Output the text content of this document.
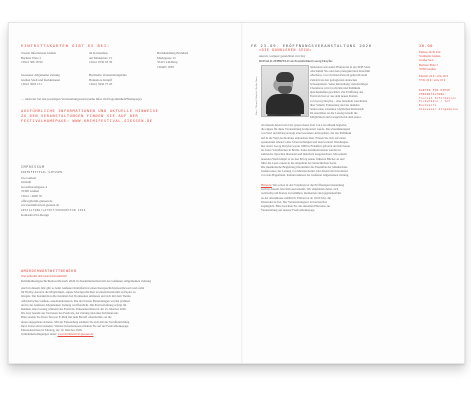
EINTRITTSKARTEN GIBT ES BEI:
Tourist Information Gießen
Berliner Platz 2
t 0641 306 18 90
tnt Kartenshop
am Marktplatz 13
t 0641 9730 93 50
Buchhandlung Bernhard
Marktgasse 15
35415 Lindburg
t 06405 1639
Giessener Allgemeine Zeitung
Gießen Stadt und Redaktionen
t 0641 3003 151
Buchzeile Veranstaltungsbüro
Hannelore Knöpff
t 0641 5930 75 20
… und/oder bei den jeweiligen Veranstaltungsorten (siehe Infos im Programmheft/Homepage).
AUSFÜHRLICHE INFORMATIONEN UND AKTUELLE HINWEISE
ZU DEN VERANSTALTUNGEN FINDEN SIE AUF DER
FESTIVALHOMEPAGE: WWW.KRIMIFESTIVAL-GIESSEN.DE
IMPRESSUM
KRIMIFESTIVAL GIESSEN
Ute Gurkert
slixbeth
Grossthoreshgasse 4
35390 Gießen
t 0641 / 4600 70
office@krimi-giessen.de
www.krimifestival-giessen.de
GESTALTUNG/LAYOUT/PRODUKTION 2026
Katharina Eid-Design
#MÖRDERWORTWETTBEWERB
Wer schreibt den besten Kurzkrimi?
Kriminalkurzgeschichtenwettbewerb 2026 in Zusammenarbeit mit der Gießener Allgemeinen Zeitung
Auch in diesem Jahr gibt es beim Gießener Krimifestival einen Kurzgeschichtenwettbewerb und somit
für Hobby-Autoren die Möglichkeit, eigene Mordgeschichten zu einem Kurzkrimi zu Papier zu
bringen. Der Kurzkrimi sollte maximal drei Normseiten umfassen und sich mit dem Thema
»Mörderisches Gießen« auseinandersetzen. Die drei besten Einsendungen werden prämiert
und in der Gießener Allgemeinen Zeitung veröffentlicht. Die Preisverleihung erfolgt im
Rahmen einer Lesung während des Festivals. Einsendeschluss ist der 15. Oktober 2026.
Die Jury besteht aus Vertretern des Festivals, der Zeitung und einer Krimiautorin.
Bitte senden Sie Ihren Text per E-Mail mit dem Betreff »Kurzkrimi« an die
unten angegebene Adresse. Mit der Einsendung erklären Sie sich mit der Veröffentlichung
Ihres Textes einverstanden. Weitere Informationen erhalten Sie auf der Festivalhomepage.
Einsendeschluss ist Montag, der 10. Oktober 2026.
Teilnahmebedingungen unter: www.krimifestival-giessen.de
FR 23.09. ERÖFFNUNGSVERANSTALTUNG 2026
»DIE DUNKLEREN SEIN«
unerstr. weiterer gezeichnet von Sny
RONALD ZEHRFELD als Persönlichkeit Georg Dreyfus
Foto: © Ronald Zehrfeld / Rechte Name
Spätestens seit seiner Hauptrolle in der ZDF-Serie
»Ku'damm 56« und dem preisgekrönten Kinofilm
»Barbara« von Christian Petzold gehört Ronald
Zehrfeld zu den gefragtesten deutschen
Schauspielern. Seine Darstellung vielschichtiger
Charaktere wird von Kritik und Publikum
gleichermaßen geschätzt. Zur Eröffnung des
Festivals liest er aus dem neuen Roman
von Georg Dreyfus – eine fesselnde Geschichte
über Schuld, Erinnerung und die dunklen
Seiten einer scheinbar idyllischen Kleinstadt.
Im Anschluss an die Lesung besteht die
Möglichkeit zum Gespräch mit dem Autor.
An diesem Abend wird der gesprochene Text von Live-Musik begleitet,
die eigens für diese Veranstaltung komponiert wurde. Das Zusammenspiel
von Wort und Klang erzeugt eine besondere Atmosphäre, die das Publikum
tief in die Welt des Romans eintauchen lässt. Freuen Sie sich auf einen
spannenden Abend voller Überraschungen und unerwarteter Wendungen.
Der Autor Georg Dreyfus wurde 1968 in Frankfurt geboren und lebt heute
als freier Schriftsteller in Berlin. Seine Kriminalromane wurden in
zahlreiche Sprachen übersetzt und mehrfach ausgezeichnet. Mit seinem
neuesten Werk knüpft er an den Erfolg seiner früheren Bücher an und
führt die Leser erneut in die Abgründe der menschlichen Seele.
Die musikalische Begleitung übernimmt das Ensemble der Musikschule
Gießen unter der Leitung von Martina Keller. Der Abend wird moderiert
von Jens Hagemann, Kulturredakteur der Gießener Allgemeinen Zeitung.
Hinweis: Wie schon in den Vorjahren ist die Eröffnungsveranstaltung
auch in diesem Jahr früh ausverkauft. Wir empfehlen daher, sich
rechtzeitig um Karten zu bemühen. Restkarten sind gegebenenfalls
an der Abendkasse erhältlich. Einlass ist ab 19.00 Uhr, die
Platzwahl ist frei. Der Veranstaltungsort ist barrierefrei
zugänglich. Bitte beachten Sie die aktuellen Hinweise zur
Veranstaltung auf unserer Festivalhomepage.
20.00
Einlass 19.30 Uhr
Stadthalle Gießen
Großer Saal
Berliner Platz 2
35390 Gießen
Eintritt: 24 € / erm. 20 €
VVK 22 € / erm. 18 €
KARTEN FÜR DIESE
VERANSTALTUNG:
Tourist Information
Ticketbüro / tnt
Buchzeile
Giessener Allgemeine
